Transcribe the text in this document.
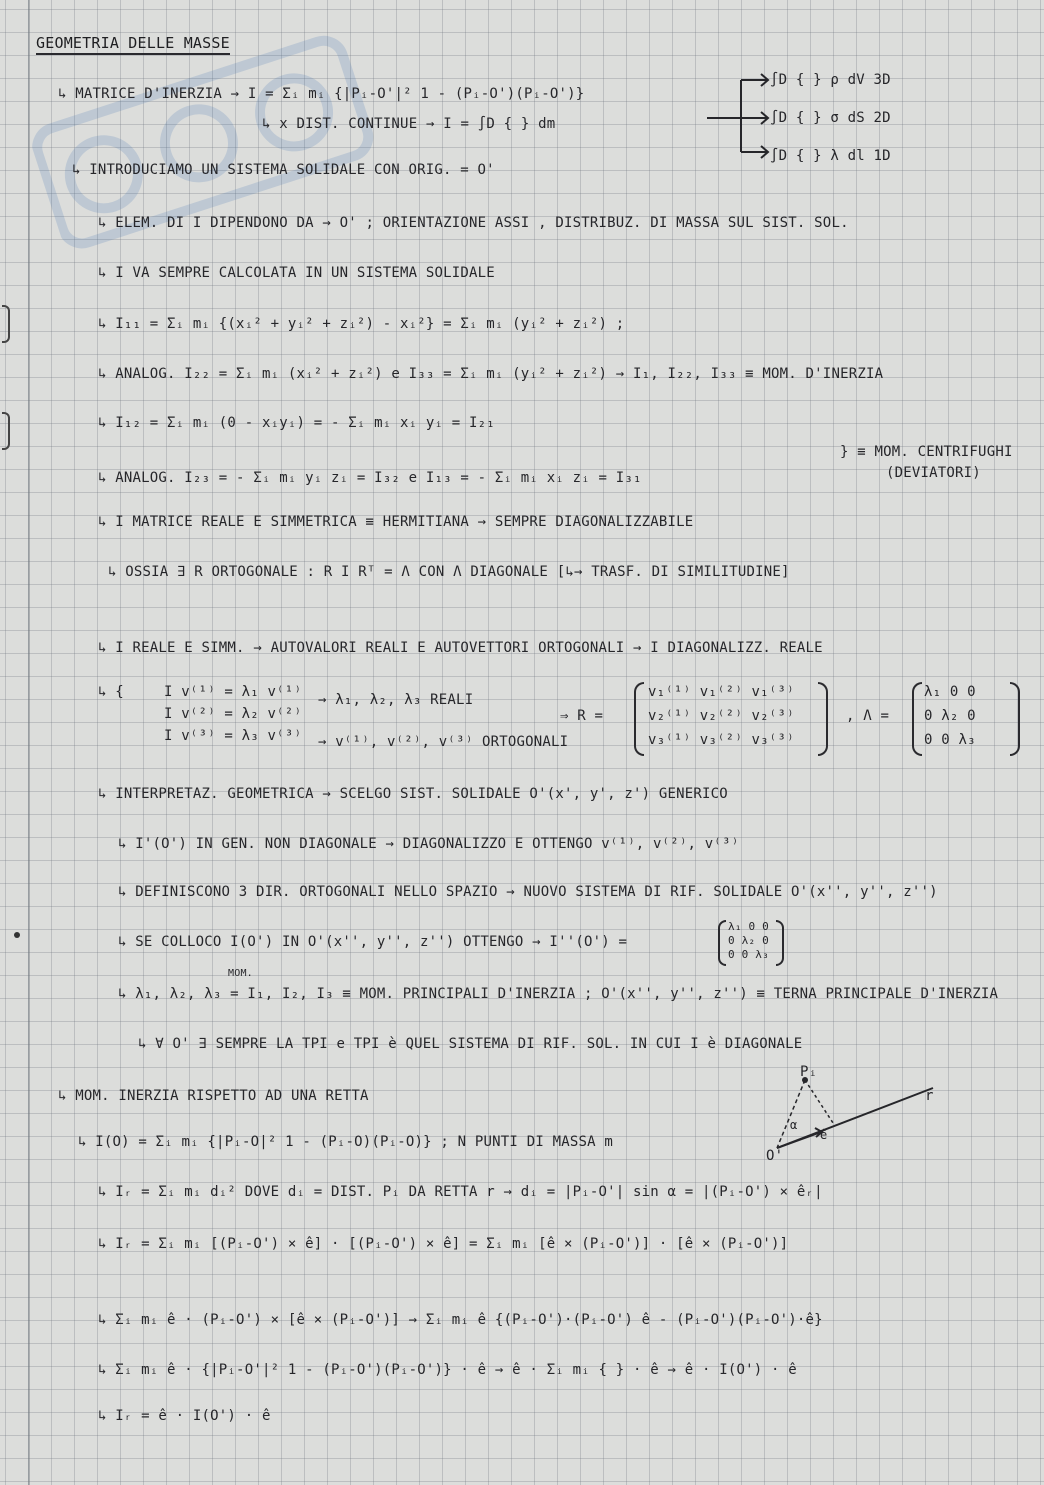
GEOMETRIA DELLE MASSE
↳ MATRICE D'INERZIA → I = Σᵢ mᵢ {|Pᵢ-O'|² 1 - (Pᵢ-O')(Pᵢ-O')}
↳ x DIST. CONTINUE → I = ∫D { } dm
∫D { } ρ dV 3D
∫D { } σ dS 2D
∫D { } λ dl 1D
↳ INTRODUCIAMO UN SISTEMA SOLIDALE CON ORIG. = O'
↳ ELEM. DI I DIPENDONO DA → O' ; ORIENTAZIONE ASSI , DISTRIBUZ. DI MASSA SUL SIST. SOL.
↳ I VA SEMPRE CALCOLATA IN UN SISTEMA SOLIDALE
↳ I₁₁ = Σᵢ mᵢ {(xᵢ² + yᵢ² + zᵢ²) - xᵢ²} = Σᵢ mᵢ (yᵢ² + zᵢ²) ;
↳ ANALOG. I₂₂ = Σᵢ mᵢ (xᵢ² + zᵢ²) e I₃₃ = Σᵢ mᵢ (yᵢ² + zᵢ²) → I₁, I₂₂, I₃₃ ≡ MOM. D'INERZIA
↳ I₁₂ = Σᵢ mᵢ (0 - xᵢyᵢ) = - Σᵢ mᵢ xᵢ yᵢ = I₂₁
↳ ANALOG. I₂₃ = - Σᵢ mᵢ yᵢ zᵢ = I₃₂ e I₁₃ = - Σᵢ mᵢ xᵢ zᵢ = I₃₁
} ≡ MOM. CENTRIFUGHI
(DEVIATORI)
↳ I MATRICE REALE E SIMMETRICA ≡ HERMITIANA → SEMPRE DIAGONALIZZABILE
↳ OSSIA ∃ R ORTOGONALE : R I Rᵀ = Λ CON Λ DIAGONALE [↳→ TRASF. DI SIMILITUDINE]
↳ I REALE E SIMM. → AUTOVALORI REALI E AUTOVETTORI ORTOGONALI → I DIAGONALIZZ. REALE
↳ {	I v⁽¹⁾ = λ₁ v⁽¹⁾
I v⁽²⁾ = λ₂ v⁽²⁾
I v⁽³⁾ = λ₃ v⁽³⁾
→ λ₁, λ₂, λ₃ REALI
→ v⁽¹⁾, v⁽²⁾, v⁽³⁾ ORTOGONALI
⇒ R =
v₁⁽¹⁾ v₁⁽²⁾ v₁⁽³⁾
v₂⁽¹⁾ v₂⁽²⁾ v₂⁽³⁾
v₃⁽¹⁾ v₃⁽²⁾ v₃⁽³⁾
, Λ =
λ₁ 0 0
0 λ₂ 0
0 0 λ₃
↳ INTERPRETAZ. GEOMETRICA → SCELGO SIST. SOLIDALE O'(x', y', z') GENERICO
↳ I'(O') IN GEN. NON DIAGONALE → DIAGONALIZZO E OTTENGO v⁽¹⁾, v⁽²⁾, v⁽³⁾
↳ DEFINISCONO 3 DIR. ORTOGONALI NELLO SPAZIO → NUOVO SISTEMA DI RIF. SOLIDALE O'(x'', y'', z'')
↳ SE COLLOCO I(O') IN O'(x'', y'', z'') OTTENGO → I''(O') =
λ₁ 0 0
0 λ₂ 0
0 0 λ₃
MOM.
↳ λ₁, λ₂, λ₃ = I₁, I₂, I₃ ≡ MOM. PRINCIPALI D'INERZIA ; O'(x'', y'', z'') ≡ TERNA PRINCIPALE D'INERZIA
↳ ∀ O' ∃ SEMPRE LA TPI e TPI è QUEL SISTEMA DI RIF. SOL. IN CUI I è DIAGONALE
↳ MOM. INERZIA RISPETTO AD UNA RETTA
Pᵢ
O'
r
α
ê
↳ I(O) = Σᵢ mᵢ {|Pᵢ-O|² 1 - (Pᵢ-O)(Pᵢ-O)} ; N PUNTI DI MASSA m
↳ Iᵣ = Σᵢ mᵢ dᵢ² DOVE dᵢ = DIST. Pᵢ DA RETTA r → dᵢ = |Pᵢ-O'| sin α = |(Pᵢ-O') × êᵣ|
↳ Iᵣ = Σᵢ mᵢ [(Pᵢ-O') × ê] · [(Pᵢ-O') × ê] = Σᵢ mᵢ [ê × (Pᵢ-O')] · [ê × (Pᵢ-O')]
↳ Σᵢ mᵢ ê · (Pᵢ-O') × [ê × (Pᵢ-O')] → Σᵢ mᵢ ê {(Pᵢ-O')·(Pᵢ-O') ê - (Pᵢ-O')(Pᵢ-O')·ê}
↳ Σᵢ mᵢ ê · {|Pᵢ-O'|² 1 - (Pᵢ-O')(Pᵢ-O')} · ê → ê · Σᵢ mᵢ { } · ê → ê · I(O') · ê
↳ Iᵣ = ê · I(O') · ê
